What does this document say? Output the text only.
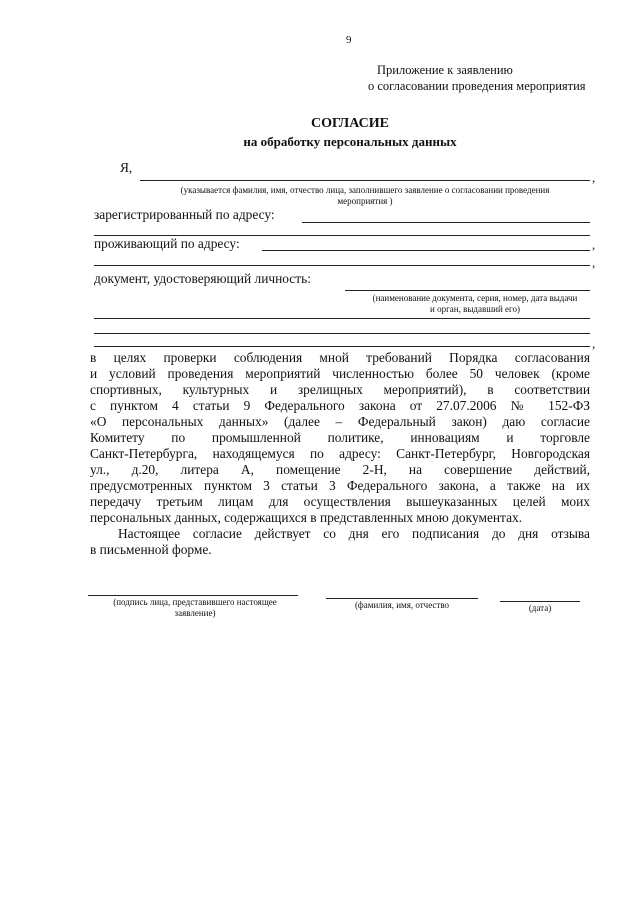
9
Приложение к заявлению
о согласовании проведения мероприятия
СОГЛАСИЕ
на обработку персональных данных
Я,
,
(указывается фамилия, имя, отчество лица, заполнившего заявление о согласовании проведения
мероприятия )
зарегистрированный по адресу:
проживающий по адресу:	,
,
документ, удостоверяющий личность:
(наименование документа, серия, номер, дата выдачи
и орган, выдавший его)
,
в целях проверки соблюдения мной требований Порядка согласования
и условий проведения мероприятий численностью более 50 человек (кроме
спортивных, культурных и зрелищных мероприятий), в соответствии
с пунктом 4 статьи 9 Федерального закона от 27.07.2006 № 152-ФЗ
«О персональных данных» (далее – Федеральный закон) даю согласие
Комитету по промышленной политике, инновациям и торговле
Санкт-Петербурга, находящемуся по адресу: Санкт-Петербург, Новгородская
ул., д.20, литера А, помещение 2-Н, на совершение действий,
предусмотренных пунктом 3 статьи 3 Федерального закона, а также на их
передачу третьим лицам для осуществления вышеуказанных целей моих
персональных данных, содержащихся в представленных мною документах.
Настоящее согласие действует со дня его подписания до дня отзыва
в письменной форме.
(подпись лица, представившего настоящее
заявление)
(фамилия, имя, отчество	(дата)
